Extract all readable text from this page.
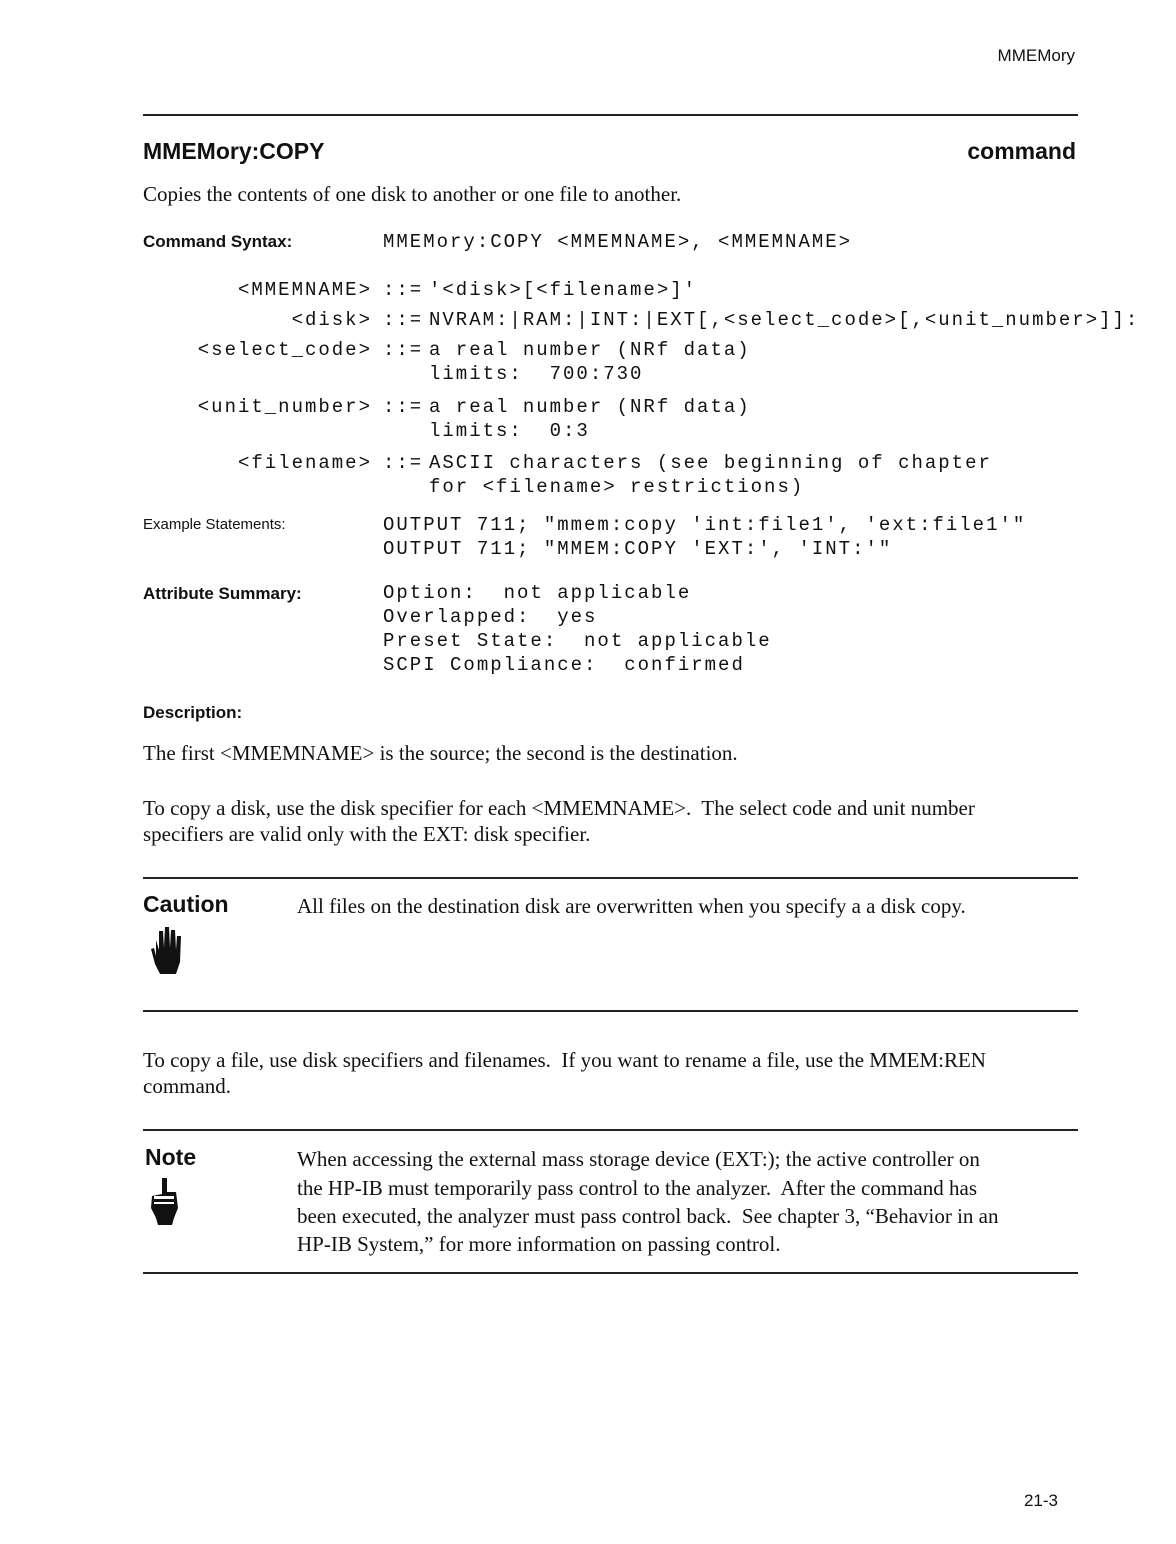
MMEMory
MMEMory:COPY	command
Copies the contents of one disk to another or one file to another.
Command Syntax:	MMEMory:COPY <MMEMNAME>, <MMEMNAME>
<MMEMNAME> ::= '<disk>[<filename>]'
<disk> ::= NVRAM:|RAM:|INT:|EXT[,<select_code>[,<unit_number>]]:
<select_code> ::= a real number (NRf data)
limits:  700:730
<unit_number> ::= a real number (NRf data)
limits:  0:3
<filename> ::= ASCII characters (see beginning of chapter
for <filename> restrictions)
Example Statements:	OUTPUT 711; "mmem:copy 'int:file1', 'ext:file1'"
OUTPUT 711; "MMEM:COPY 'EXT:', 'INT:'"
Attribute Summary:	Option:  not applicable
Overlapped:  yes
Preset State:  not applicable
SCPI Compliance:  confirmed
Description:
The first <MMEMNAME> is the source; the second is the destination.
To copy a disk, use the disk specifier for each <MMEMNAME>.  The select code and unit number
specifiers are valid only with the EXT: disk specifier.
Caution	All files on the destination disk are overwritten when you specify a a disk copy.
To copy a file, use disk specifiers and filenames.  If you want to rename a file, use the MMEM:REN
command.
Note	When accessing the external mass storage device (EXT:); the active controller on
the HP-IB must temporarily pass control to the analyzer.  After the command has
been executed, the analyzer must pass control back.  See chapter 3, “Behavior in an
HP-IB System,” for more information on passing control.
21-3
